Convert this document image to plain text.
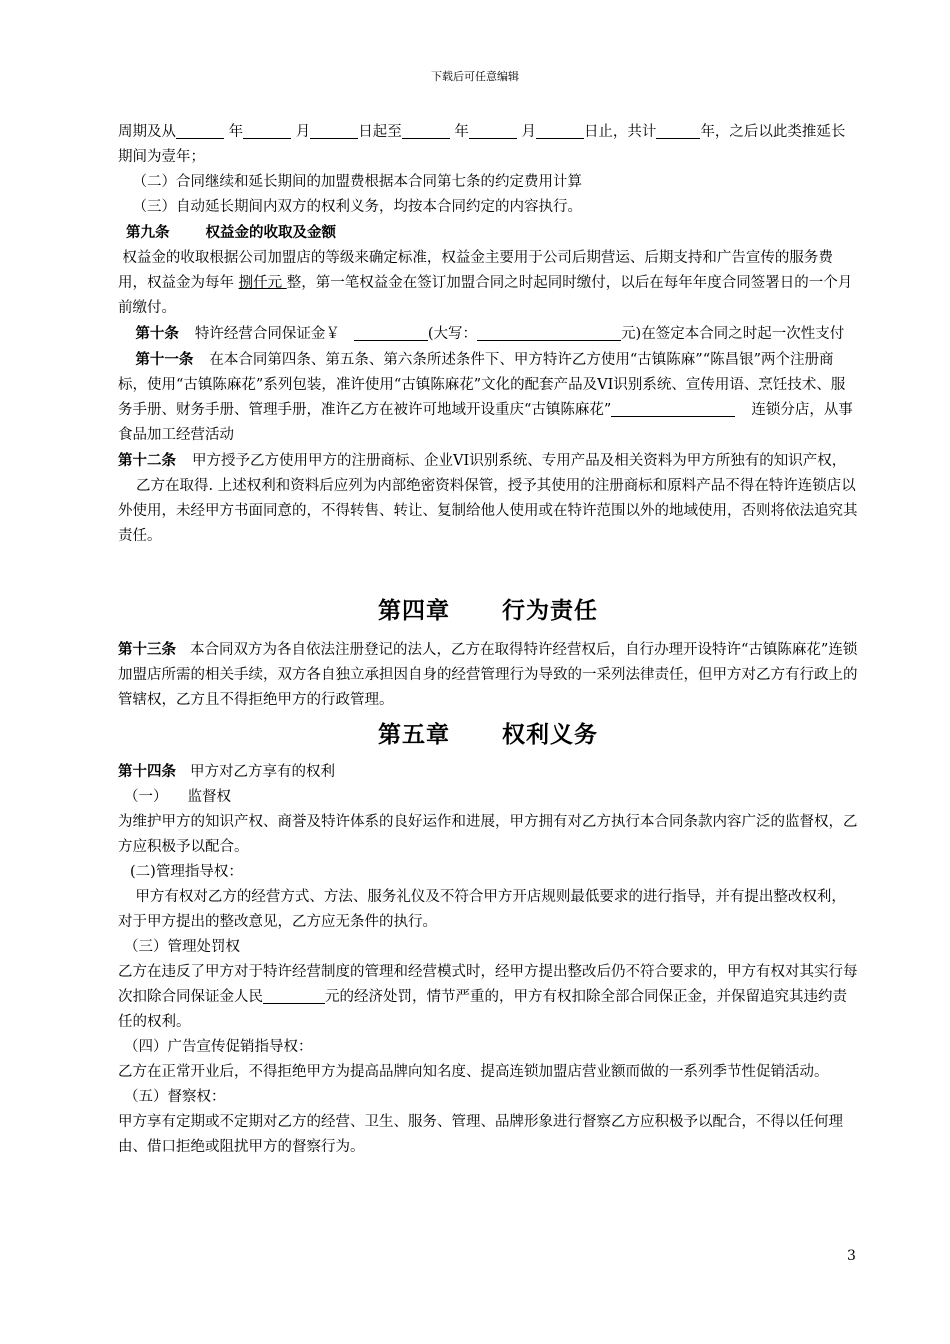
下载后可任意编辑

周期及从	年	月	日起至	年	月	日止，共计	年，之后以此类推延长期间为壹年；

（二）合同继续和延长期间的加盟费根据本合同第七条的约定费用计算

（三）自动延长期间内双方的权利义务，均按本合同约定的内容执行。

第九条 权益金的收取及金额

权益金的收取根据公司加盟店的等级来确定标准，权益金主要用于公司后期营运、后期支持和广告宣传的服务费用，权益金为每年 捌仟元 整，第一笔权益金在签订加盟合同之时起同时缴付，以后在每年年度合同签署日的一个月前缴付。

第十条 特许经营合同保证金￥	(大写：	元)在签定本合同之时起一次性支付

第十一条 在本合同第四条、第五条、第六条所述条件下、甲方特许乙方使用“古镇陈麻”“陈昌银”两个注册商标，使用“古镇陈麻花”系列包装，准许使用“古镇陈麻花”文化的配套产品及VI识别系统、宣传用语、烹饪技术、服务手册、财务手册、管理手册，准许乙方在被许可地域开设重庆“古镇陈麻花”	连锁分店，从事食品加工经营活动

第十二条 甲方授予乙方使用甲方的注册商标、企业VI识别系统、专用产品及相关资料为甲方所独有的知识产权，乙方在取得. 上述权利和资料后应列为内部绝密资料保管，授予其使用的注册商标和原料产品不得在特许连锁店以外使用，未经甲方书面同意的，不得转售、转让、复制给他人使用或在特许范围以外的地域使用，否则将依法追究其责任。

第四章 行为责任

第十三条 本合同双方为各自依法注册登记的法人，乙方在取得特许经营权后，自行办理开设特许“古镇陈麻花”连锁加盟店所需的相关手续，双方各自独立承担因自身的经营管理行为导致的一采列法律责任，但甲方对乙方有行政上的管辖权，乙方且不得拒绝甲方的行政管理。

第五章 权利义务

第十四条 甲方对乙方享有的权利

（一） 监督权

为维护甲方的知识产权、商誉及特许体系的良好运作和进展，甲方拥有对乙方执行本合同条款内容广泛的监督权，乙方应积极予以配合。

(二)管理指导权：

甲方有权对乙方的经营方式、方法、服务礼仪及不符合甲方开店规则最低要求的进行指导，并有提出整改权利，对于甲方提出的整改意见，乙方应无条件的执行。

（三）管理处罚权

乙方在违反了甲方对于特许经营制度的管理和经营模式时，经甲方提出整改后仍不符合要求的，甲方有权对其实行每次扣除合同保证金人民	元的经济处罚，情节严重的，甲方有权扣除全部合同保正金，并保留追究其违约责任的权利。

（四）广告宣传促销指导权：

乙方在正常开业后，不得拒绝甲方为提高品牌向知名度、提高连锁加盟店营业额而做的一系列季节性促销活动。

（五）督察权：

甲方享有定期或不定期对乙方的经营、卫生、服务、管理、品牌形象进行督察乙方应积极予以配合，不得以任何理由、借口拒绝或阻扰甲方的督察行为。

3
